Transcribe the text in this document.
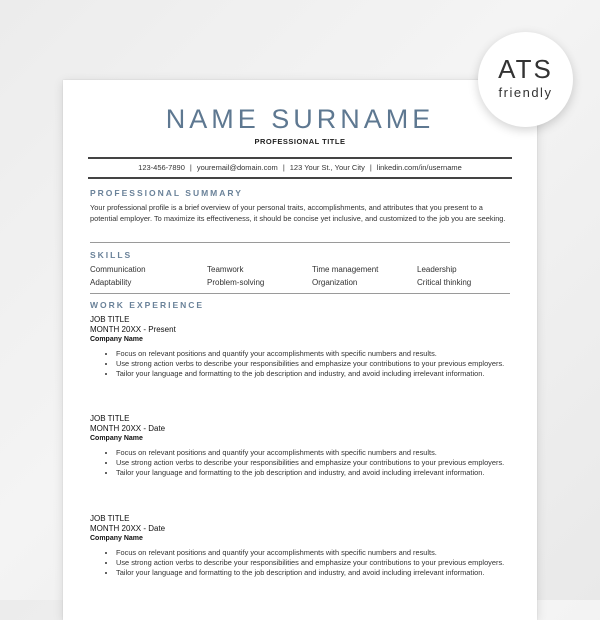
NAME SURNAME
PROFESSIONAL TITLE
123-456-7890 | youremail@domain.com | 123 Your St., Your City | linkedin.com/in/username
PROFESSIONAL SUMMARY
Your professional profile is a brief overview of your personal traits, accomplishments, and attributes that you present to a potential employer. To maximize its effectiveness, it should be concise yet inclusive, and customized to the job you are seeking.
SKILLS
Communication	Teamwork	Time management	Leadership
Adaptability	Problem-solving	Organization	Critical thinking
WORK EXPERIENCE
JOB TITLE
MONTH 20XX - Present
Company Name
• Focus on relevant positions and quantify your accomplishments with specific numbers and results.
• Use strong action verbs to describe your responsibilities and emphasize your contributions to your previous employers.
• Tailor your language and formatting to the job description and industry, and avoid including irrelevant information.
JOB TITLE
MONTH 20XX - Date
Company Name
• Focus on relevant positions and quantify your accomplishments with specific numbers and results.
• Use strong action verbs to describe your responsibilities and emphasize your contributions to your previous employers.
• Tailor your language and formatting to the job description and industry, and avoid including irrelevant information.
JOB TITLE
MONTH 20XX - Date
Company Name
• Focus on relevant positions and quantify your accomplishments with specific numbers and results.
• Use strong action verbs to describe your responsibilities and emphasize your contributions to your previous employers.
• Tailor your language and formatting to the job description and industry, and avoid including irrelevant information.
ATS
friendly
